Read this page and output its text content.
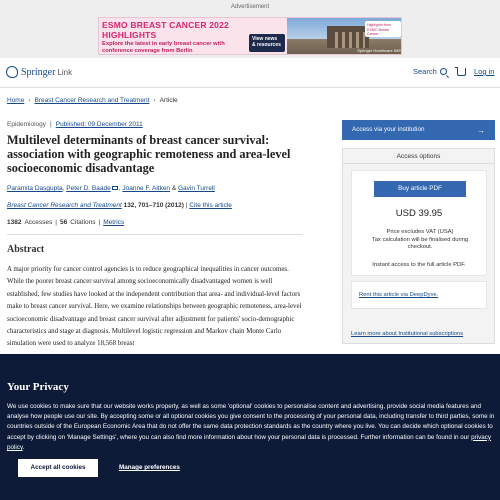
Advertisement
ESMO BREAST CANCER 2022 HIGHLIGHTS
Explore the latest in early breast cancer with conference coverage from Berlin
View news & resources
Highlights from ESMO Breast Cancer
Springer Healthcare IME
Springer Link	Search	Log in
Home › Breast Cancer Research and Treatment › Article
Epidemiology | Published: 09 December 2011
Multilevel determinants of breast cancer survival: association with geographic remoteness and area-level socioeconomic disadvantage
Paramita Dasgupta, Peter D. Baade , Joanne F. Aitken & Gavin Turrell
Breast Cancer Research and Treatment 132, 701–710 (2012) | Cite this article
1382 Accesses | 56 Citations | Metrics
Abstract

A major priority for cancer control agencies is to reduce geographical inequalities in cancer outcomes. While the poorer breast cancer survival among socioeconomically disadvantaged women is well established, few studies have looked at the independent contribution that area- and individual-level factors make to breast cancer survival. Here, we examine relationships between geographic remoteness, area-level socioeconomic disadvantage and breast cancer survival after adjustment for patients' socio-demographic characteristics and stage at diagnosis. Multilevel logistic regression and Markov chain Monte Carlo simulation were used to analyze 18,568 breast

Access via your institution	→
Access options
Buy article PDF
USD 39.95
Price excludes VAT (USA)
Tax calculation will be finalised during checkout.
Instant access to the full article PDF.
Rent this article via DeepDyve.
Learn more about Institutional subscriptions
Your Privacy

We use cookies to make sure that our website works properly, as well as some 'optional' cookies to personalise content and advertising, provide social media features and analyse how people use our site. By accepting some or all optional cookies you give consent to the processing of your personal data, including transfer to third parties, some in countries outside of the European Economic Area that do not offer the same data protection standards as the country where you live. You can decide which optional cookies to accept by clicking on 'Manage Settings', where you can also find more information about how your personal data is processed. Further information can be found in our privacy policy.

Accept all cookies	Manage preferences
